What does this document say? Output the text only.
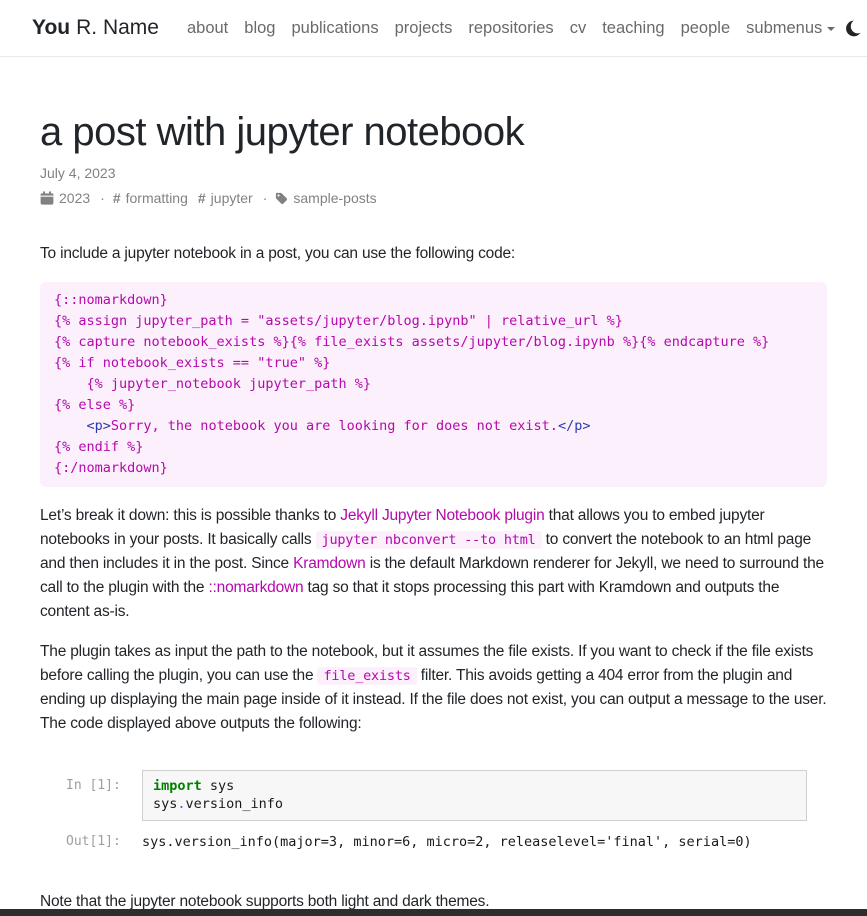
You R. Name	about blog publications projects repositories cv teaching people submenus
a post with jupyter notebook
July 4, 2023
2023 · # formatting # jupyter · sample-posts

To include a jupyter notebook in a post, you can use the following code:

{::nomarkdown}
{% assign jupyter_path = "assets/jupyter/blog.ipynb" | relative_url %}
{% capture notebook_exists %}{% file_exists assets/jupyter/blog.ipynb %}{% endcapture %}
{% if notebook_exists == "true" %}
{% jupyter_notebook jupyter_path %}
{% else %}
<p>Sorry, the notebook you are looking for does not exist.</p>
{% endif %}
{:/nomarkdown}

Let’s break it down: this is possible thanks to Jekyll Jupyter Notebook plugin that allows you to embed jupyter notebooks in your posts. It basically calls jupyter nbconvert --to html to convert the notebook to an html page and then includes it in the post. Since Kramdown is the default Markdown renderer for Jekyll, we need to surround the call to the plugin with the ::nomarkdown tag so that it stops processing this part with Kramdown and outputs the content as-is.

The plugin takes as input the path to the notebook, but it assumes the file exists. If you want to check if the file exists before calling the plugin, you can use the file_exists filter. This avoids getting a 404 error from the plugin and ending up displaying the main page inside of it instead. If the file does not exist, you can output a message to the user. The code displayed above outputs the following:

In [1]:	import sys
sys.version_info
Out[1]:	sys.version_info(major=3, minor=6, micro=2, releaselevel='final', serial=0)

Note that the jupyter notebook supports both light and dark themes.
